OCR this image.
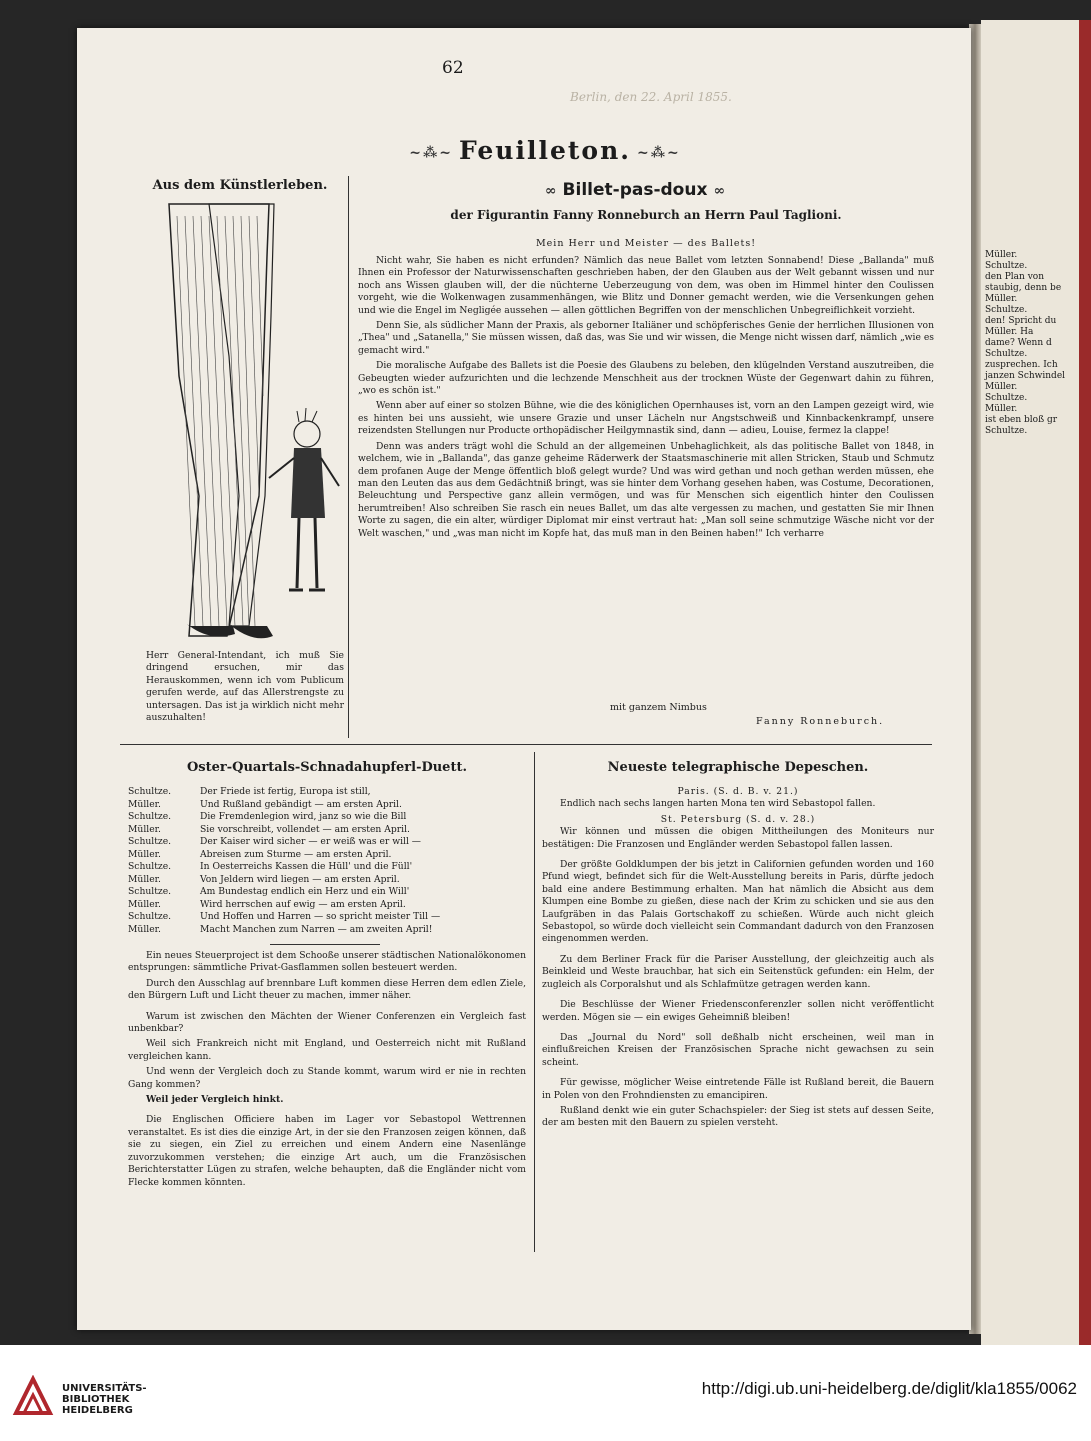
Müller.
Schultze.
den Plan von
staubig, denn be
Müller.
Schultze.
den! Spricht du
Müller. Ha
dame? Wenn d
Schultze.
zusprechen. Ich
janzen Schwindel
Müller.
Schultze.
Müller.
ist eben bloß gr
Schultze.
62
Berlin, den 22. April 1855.
~⁂~ Feuilleton. ~⁂~
Aus dem Künstlerleben.
Herr General-Intendant, ich muß Sie dringend ersuchen, mir das Herauskommen, wenn ich vom Publicum gerufen werde, auf das Allerstrengste zu untersagen. Das ist ja wirklich nicht mehr auszuhalten!
∞ Billet-pas-doux ∞
der Figurantin Fanny Ronneburch an Herrn Paul Taglioni.
Mein Herr und Meister — des Ballets!

Nicht wahr, Sie haben es nicht erfunden? Nämlich das neue Ballet vom letzten Sonnabend! Diese „Ballanda" muß Ihnen ein Professor der Naturwissenschaften geschrieben haben, der den Glauben aus der Welt gebannt wissen und nur noch ans Wissen glauben will, der die nüchterne Ueberzeugung von dem, was oben im Himmel hinter den Coulissen vorgeht, wie die Wolkenwagen zusammenhängen, wie Blitz und Donner gemacht werden, wie die Versenkungen gehen und wie die Engel im Negligée aussehen — allen göttlichen Begriffen von der menschlichen Unbegreiflichkeit vorzieht.

Denn Sie, als südlicher Mann der Praxis, als geborner Italiäner und schöpferisches Genie der herrlichen Illusionen von „Thea" und „Satanella," Sie müssen wissen, daß das, was Sie und wir wissen, die Menge nicht wissen darf, nämlich „wie es gemacht wird."

Die moralische Aufgabe des Ballets ist die Poesie des Glaubens zu beleben, den klügelnden Verstand auszutreiben, die Gebeugten wieder aufzurichten und die lechzende Menschheit aus der trocknen Wüste der Gegenwart dahin zu führen, „wo es schön ist."

Wenn aber auf einer so stolzen Bühne, wie die des königlichen Opernhauses ist, vorn an den Lampen gezeigt wird, wie es hinten bei uns aussieht, wie unsere Grazie und unser Lächeln nur Angstschweiß und Kinnbackenkrampf, unsere reizendsten Stellungen nur Producte orthopädischer Heilgymnastik sind, dann — adieu, Louise, fermez la clappe!

Denn was anders trägt wohl die Schuld an der allgemeinen Unbehaglichkeit, als das politische Ballet von 1848, in welchem, wie in „Ballanda", das ganze geheime Räderwerk der Staatsmaschinerie mit allen Stricken, Staub und Schmutz dem profanen Auge der Menge öffentlich bloß gelegt wurde? Und was wird gethan und noch gethan werden müssen, ehe man den Leuten das aus dem Gedächtniß bringt, was sie hinter dem Vorhang gesehen haben, was Costume, Decorationen, Beleuchtung und Perspective ganz allein vermögen, und was für Menschen sich eigentlich hinter den Coulissen herumtreiben! Also schreiben Sie rasch ein neues Ballet, um das alte vergessen zu machen, und gestatten Sie mir Ihnen Worte zu sagen, die ein alter, würdiger Diplomat mir einst vertraut hat: „Man soll seine schmutzige Wäsche nicht vor der Welt waschen," und „was man nicht im Kopfe hat, das muß man in den Beinen haben!" Ich verharre

mit ganzem Nimbus
Fanny Ronneburch.
Oster-Quartals-Schnadahupferl-Duett.
Schultze.	Der Friede ist fertig, Europa ist still,
Müller.	Und Rußland gebändigt — am ersten April.
Schultze.	Die Fremdenlegion wird, janz so wie die Bill
Müller.	Sie vorschreibt, vollendet — am ersten April.
Schultze.	Der Kaiser wird sicher — er weiß was er will —
Müller.	Abreisen zum Sturme — am ersten April.
Schultze.	In Oesterreichs Kassen die Hüll' und die Füll'
Müller.	Von Jeldern wird liegen — am ersten April.
Schultze.	Am Bundestag endlich ein Herz und ein Will'
Müller.	Wird herrschen auf ewig — am ersten April.
Schultze.	Und Hoffen und Harren — so spricht meister Till —
Müller.	Macht Manchen zum Narren — am zweiten April!

Ein neues Steuerproject ist dem Schooße unserer städtischen Nationalökonomen entsprungen: sämmtliche Privat-Gasflammen sollen besteuert werden.

Durch den Ausschlag auf brennbare Luft kommen diese Herren dem edlen Ziele, den Bürgern Luft und Licht theuer zu machen, immer näher.

Warum ist zwischen den Mächten der Wiener Conferenzen ein Vergleich fast unbenkbar?

Weil sich Frankreich nicht mit England, und Oesterreich nicht mit Rußland vergleichen kann.

Und wenn der Vergleich doch zu Stande kommt, warum wird er nie in rechten Gang kommen?

Weil jeder Vergleich hinkt.

Die Englischen Officiere haben im Lager vor Sebastopol Wettrennen veranstaltet. Es ist dies die einzige Art, in der sie den Franzosen zeigen können, daß sie zu siegen, ein Ziel zu erreichen und einem Andern eine Nasenlänge zuvorzukommen verstehen; die einzige Art auch, um die Französischen Berichterstatter Lügen zu strafen, welche behaupten, daß die Engländer nicht vom Flecke kommen könnten.

Neueste telegraphische Depeschen.
Paris. (S. d. B. v. 21.)

Endlich nach sechs langen harten Mona ten wird Sebastopol fallen.

St. Petersburg (S. d. v. 28.)

Wir können und müssen die obigen Mittheilungen des Moniteurs nur bestätigen: Die Franzosen und Engländer werden Sebastopol fallen lassen.

Der größte Goldklumpen der bis jetzt in Californien gefunden worden und 160 Pfund wiegt, befindet sich für die Welt-Ausstellung bereits in Paris, dürfte jedoch bald eine andere Bestimmung erhalten. Man hat nämlich die Absicht aus dem Klumpen eine Bombe zu gießen, diese nach der Krim zu schicken und sie aus den Laufgräben in das Palais Gortschakoff zu schießen. Würde auch nicht gleich Sebastopol, so würde doch vielleicht sein Commandant dadurch von den Franzosen eingenommen werden.

Zu dem Berliner Frack für die Pariser Ausstellung, der gleichzeitig auch als Beinkleid und Weste brauchbar, hat sich ein Seitenstück gefunden: ein Helm, der zugleich als Corporalshut und als Schlafmütze getragen werden kann.

Die Beschlüsse der Wiener Friedensconferenzler sollen nicht veröffentlicht werden. Mögen sie — ein ewiges Geheimniß bleiben!

Das „Journal du Nord" soll deßhalb nicht erscheinen, weil man in einflußreichen Kreisen der Französischen Sprache nicht gewachsen zu sein scheint.

Für gewisse, möglicher Weise eintretende Fälle ist Rußland bereit, die Bauern in Polen von den Frohndiensten zu emancipiren.

Rußland denkt wie ein guter Schachspieler: der Sieg ist stets auf dessen Seite, der am besten mit den Bauern zu spielen versteht.

UNIVERSITÄTS-
BIBLIOTHEK
HEIDELBERG
http://digi.ub.uni-heidelberg.de/diglit/kla1855/0062
